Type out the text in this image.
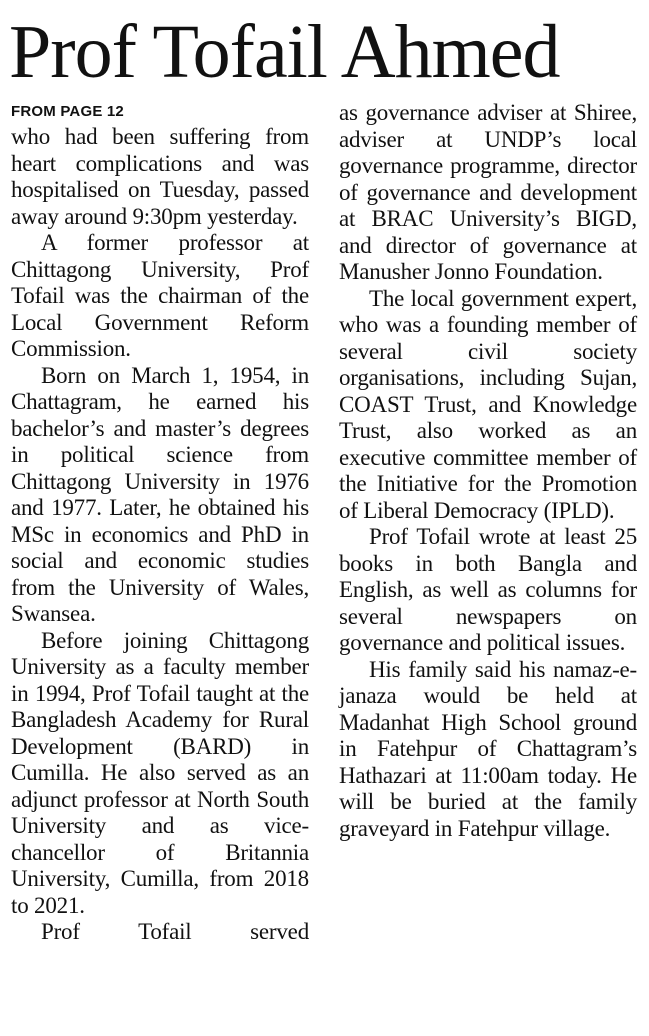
Prof Tofail Ahmed
FROM PAGE 12

who had been suffering from heart complications and was hospitalised on Tuesday, passed away around 9:30pm yesterday.

A former professor at Chittagong University, Prof Tofail was the chairman of the Local Government Reform Commission.

Born on March 1, 1954, in Chattagram, he earned his bachelor’s and master’s degrees in political science from Chittagong University in 1976 and 1977. Later, he obtained his MSc in economics and PhD in social and economic studies from the University of Wales, Swansea.

Before joining Chittagong University as a faculty member in 1994, Prof Tofail taught at the Bangladesh Academy for Rural Development (BARD) in Cumilla. He also served as an adjunct professor at North South University and as vice-chancellor of Britannia University, Cumilla, from 2018 to 2021.

Prof Tofail served

as governance adviser at Shiree, adviser at UNDP’s local governance programme, director of governance and development at BRAC University’s BIGD, and director of governance at Manusher Jonno Foundation.

The local government expert, who was a founding member of several civil society organisations, including Sujan, COAST Trust, and Knowledge Trust, also worked as an executive committee member of the Initiative for the Promotion of Liberal Democracy (IPLD).

Prof Tofail wrote at least 25 books in both Bangla and English, as well as columns for several newspapers on governance and political issues.

His family said his namaz-e-janaza would be held at Madanhat High School ground in Fatehpur of Chattagram’s Hathazari at 11:00am today. He will be buried at the family graveyard in Fatehpur village.
